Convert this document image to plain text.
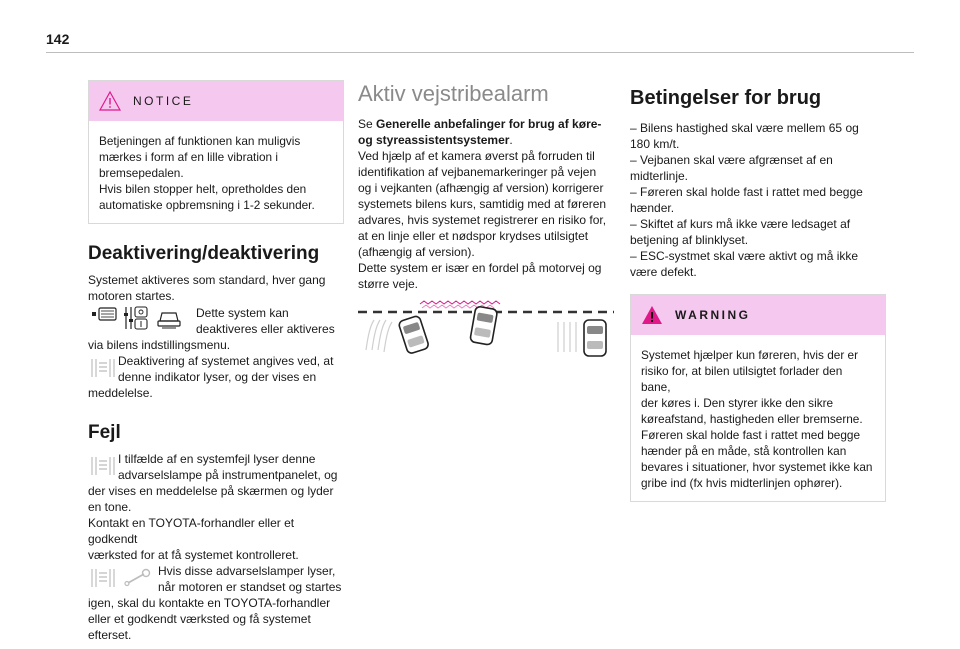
142
NOTICE
Betjeningen af funktionen kan muligvis
mærkes i form af en lille vibration i
bremsepedalen.
Hvis bilen stopper helt, opretholdes den
automatiske opbremsning i 1-2 sekunder.
Deaktivering/deaktivering

Systemet aktiveres som standard, hver gang
motoren startes.

Dette system kan
deaktiveres eller aktiveres

via bilens indstillingsmenu.

Deaktivering af systemet angives ved, at
denne indikator lyser, og der vises en

meddelelse.

Fejl
I tilfælde af en systemfejl lyser denne
advarselslampe på instrumentpanelet, og

der vises en meddelelse på skærmen og lyder
en tone.
Kontakt en TOYOTA-forhandler eller et godkendt
værksted for at få systemet kontrolleret.

Hvis disse advarselslamper lyser,
når motoren er standset og startes

igen, skal du kontakte en TOYOTA-forhandler
eller et godkendt værksted og få systemet
efterset.

Aktiv vejstribealarm

Se Generelle anbefalinger for brug af køre-
og styreassistentsystemer.

Ved hjælp af et kamera øverst på forruden til
identifikation af vejbanemarkeringer på vejen
og i vejkanten (afhængig af version) korrigerer
systemets bilens kurs, samtidig med at føreren
advares, hvis systemet registrerer en risiko for,
at en linje eller et nødspor krydses utilsigtet
(afhængig af version).
Dette system er især en fordel på motorvej og
større veje.

Betingelser for brug

– Bilens hastighed skal være mellem 65 og
180 km/t.
– Vejbanen skal være afgrænset af en
midterlinje.
– Føreren skal holde fast i rattet med begge
hænder.
– Skiftet af kurs må ikke være ledsaget af
betjening af blinklyset.
– ESC-systmet skal være aktivt og må ikke
være defekt.

WARNING
Systemet hjælper kun føreren, hvis der er
risiko for, at bilen utilsigtet forlader den bane,
der køres i. Den styrer ikke den sikre
køreafstand, hastigheden eller bremserne.
Føreren skal holde fast i rattet med begge
hænder på en måde, stå kontrollen kan
bevares i situationer, hvor systemet ikke kan
gribe ind (fx hvis midterlinjen ophører).
